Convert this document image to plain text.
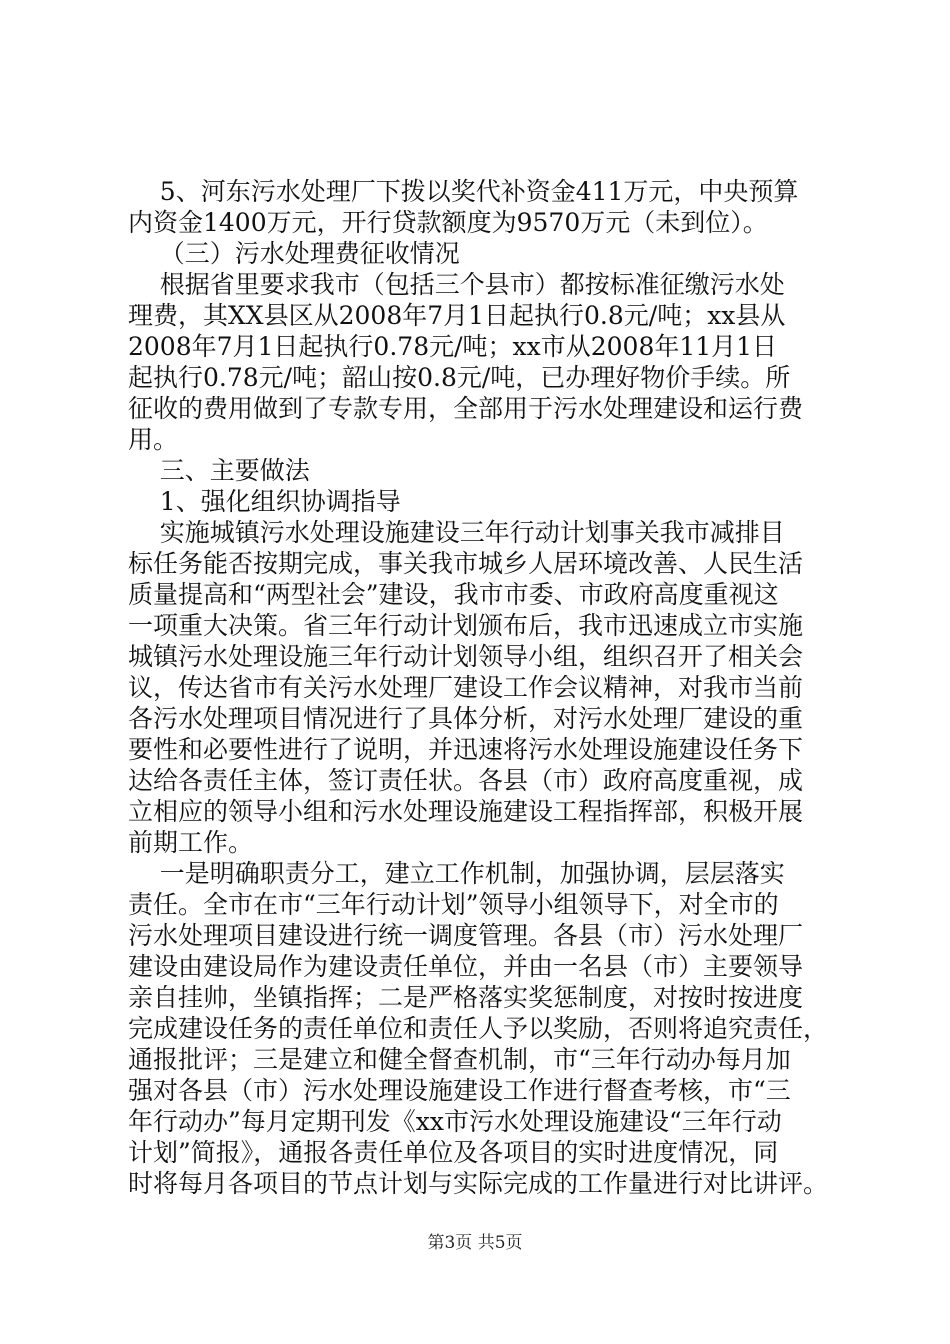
5、河东污水处理厂下拨以奖代补资金411万元，中央预算
内资金1400万元，开行贷款额度为9570万元（未到位）。
（三）污水处理费征收情况
根据省里要求我市（包括三个县市）都按标准征缴污水处
理费，其XX县区从2008年7月1日起执行0.8元/吨；xx县从
2008年7月1日起执行0.78元/吨；xx市从2008年11月1日
起执行0.78元/吨；韶山按0.8元/吨，已办理好物价手续。所
征收的费用做到了专款专用，全部用于污水处理建设和运行费
用。
三、主要做法
1、强化组织协调指导
实施城镇污水处理设施建设三年行动计划事关我市减排目
标任务能否按期完成，事关我市城乡人居环境改善、人民生活
质量提高和“两型社会”建设，我市市委、市政府高度重视这
一项重大决策。省三年行动计划颁布后，我市迅速成立市实施
城镇污水处理设施三年行动计划领导小组，组织召开了相关会
议，传达省市有关污水处理厂建设工作会议精神，对我市当前
各污水处理项目情况进行了具体分析，对污水处理厂建设的重
要性和必要性进行了说明，并迅速将污水处理设施建设任务下
达给各责任主体，签订责任状。各县（市）政府高度重视，成
立相应的领导小组和污水处理设施建设工程指挥部，积极开展
前期工作。
一是明确职责分工，建立工作机制，加强协调，层层落实
责任。全市在市“三年行动计划”领导小组领导下，对全市的
污水处理项目建设进行统一调度管理。各县（市）污水处理厂
建设由建设局作为建设责任单位，并由一名县（市）主要领导
亲自挂帅，坐镇指挥；二是严格落实奖惩制度，对按时按进度
完成建设任务的责任单位和责任人予以奖励，否则将追究责任，
通报批评；三是建立和健全督查机制，市“三年行动办每月加
强对各县（市）污水处理设施建设工作进行督查考核，市“三
年行动办”每月定期刊发《xx市污水处理设施建设“三年行动
计划”简报》，通报各责任单位及各项目的实时进度情况，同
时将每月各项目的节点计划与实际完成的工作量进行对比讲评。
第3页 共5页
